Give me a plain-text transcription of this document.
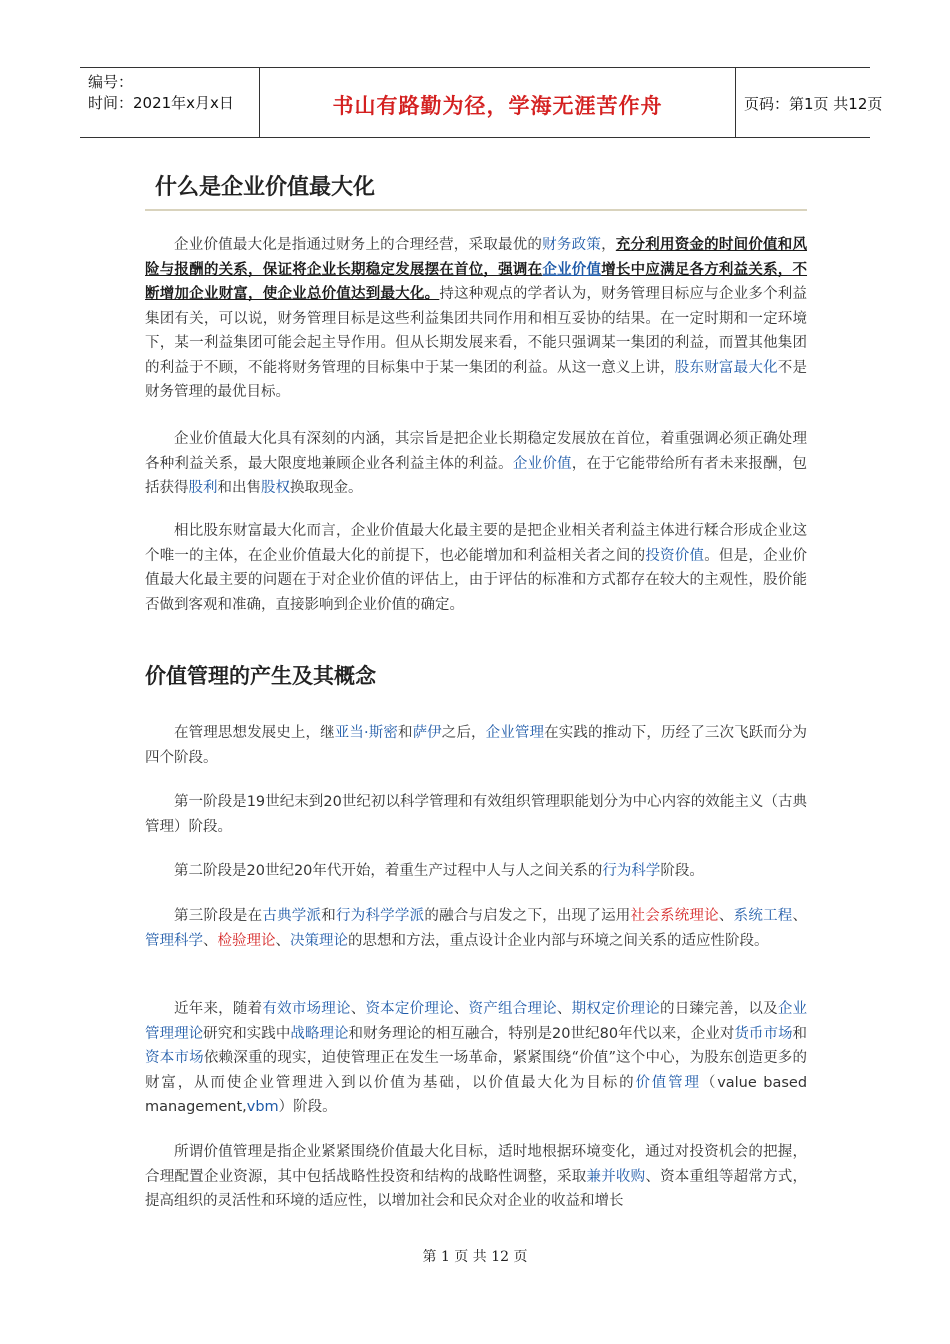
编号：
时间：2021年x月x日	书山有路勤为径，学海无涯苦作舟	页码：第1页 共12页
什么是企业价值最大化

企业价值最大化是指通过财务上的合理经营，采取最优的财务政策，充分利用资金的时间价值和风险与报酬的关系，保证将企业长期稳定发展摆在首位，强调在企业价值增长中应满足各方利益关系，不断增加企业财富，使企业总价值达到最大化。持这种观点的学者认为，财务管理目标应与企业多个利益集团有关，可以说，财务管理目标是这些利益集团共同作用和相互妥协的结果。在一定时期和一定环境下，某一利益集团可能会起主导作用。但从长期发展来看，不能只强调某一集团的利益，而置其他集团的利益于不顾，不能将财务管理的目标集中于某一集团的利益。从这一意义上讲，股东财富最大化不是财务管理的最优目标。

企业价值最大化具有深刻的内涵，其宗旨是把企业长期稳定发展放在首位，着重强调必须正确处理各种利益关系，最大限度地兼顾企业各利益主体的利益。企业价值，在于它能带给所有者未来报酬，包括获得股利和出售股权换取现金。

相比股东财富最大化而言，企业价值最大化最主要的是把企业相关者利益主体进行糅合形成企业这个唯一的主体，在企业价值最大化的前提下，也必能增加和利益相关者之间的投资价值。但是，企业价值最大化最主要的问题在于对企业价值的评估上，由于评估的标准和方式都存在较大的主观性，股价能否做到客观和准确，直接影响到企业价值的确定。

价值管理的产生及其概念

在管理思想发展史上，继亚当·斯密和萨伊之后，企业管理在实践的推动下，历经了三次飞跃而分为四个阶段。

第一阶段是19世纪末到20世纪初以科学管理和有效组织管理职能划分为中心内容的效能主义（古典管理）阶段。

第二阶段是20世纪20年代开始，着重生产过程中人与人之间关系的行为科学阶段。

第三阶段是在古典学派和行为科学学派的融合与启发之下，出现了运用社会系统理论、系统工程、管理科学、检验理论、决策理论的思想和方法，重点设计企业内部与环境之间关系的适应性阶段。

近年来，随着有效市场理论、资本定价理论、资产组合理论、期权定价理论的日臻完善，以及企业管理理论研究和实践中战略理论和财务理论的相互融合，特别是20世纪80年代以来，企业对货币市场和资本市场依赖深重的现实，迫使管理正在发生一场革命，紧紧围绕“价值”这个中心，为股东创造更多的财富，从而使企业管理进入到以价值为基础，以价值最大化为目标的价值管理（value based management,vbm）阶段。

所谓价值管理是指企业紧紧围绕价值最大化目标，适时地根据环境变化，通过对投资机会的把握，合理配置企业资源，其中包括战略性投资和结构的战略性调整，采取兼并收购、资本重组等超常方式，提高组织的灵活性和环境的适应性，以增加社会和民众对企业的收益和增长

第 1 页 共 12 页
